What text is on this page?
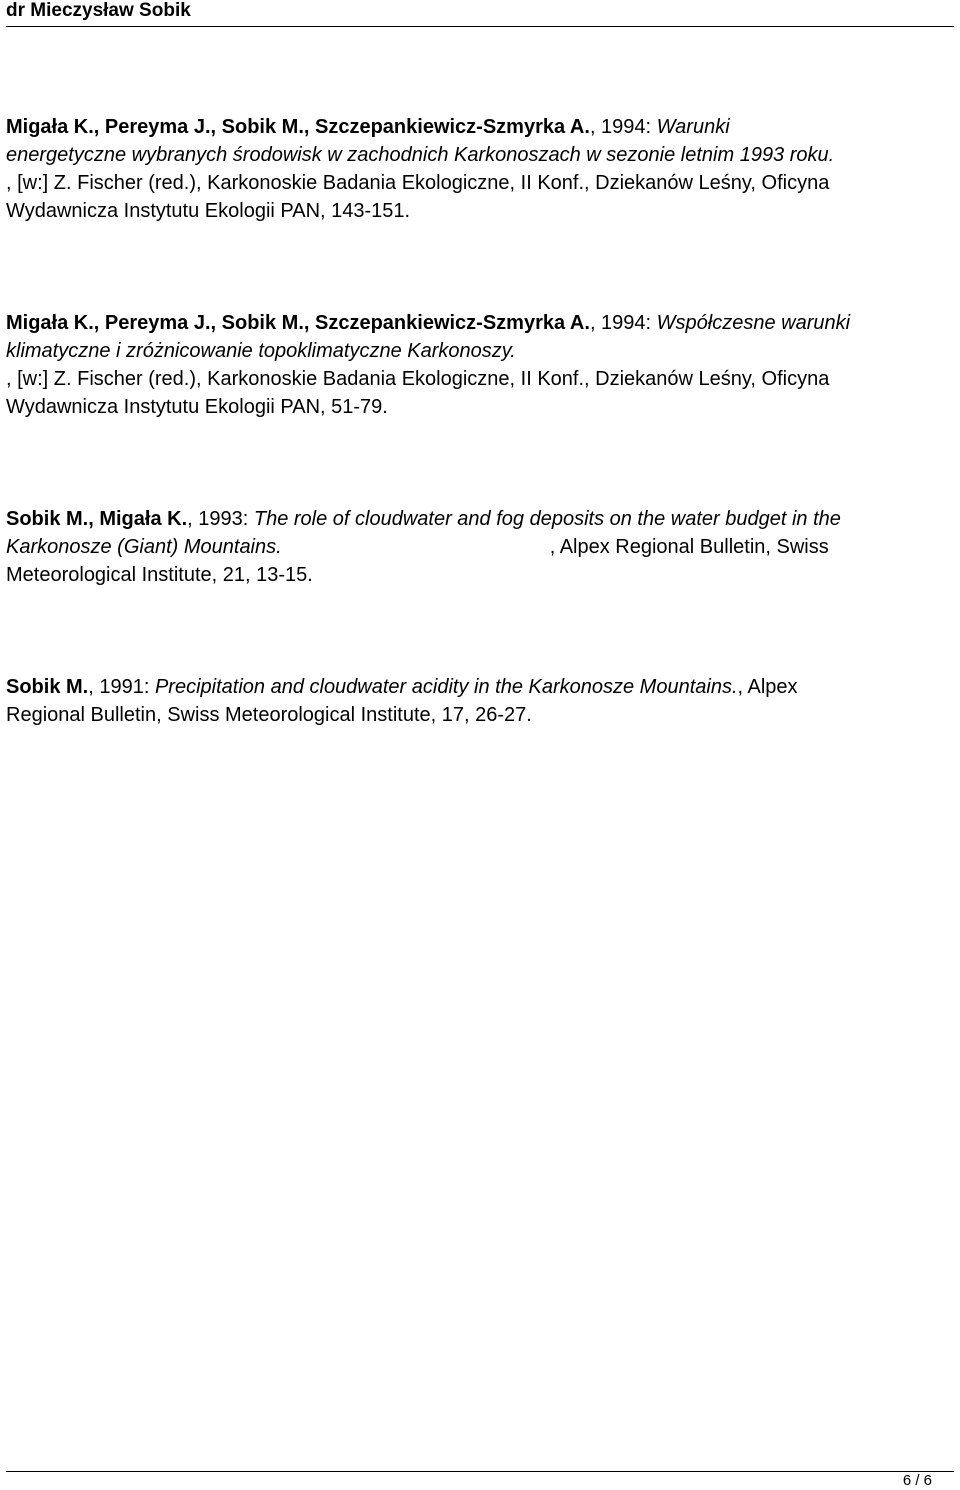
dr Mieczysław Sobik
Migała K., Pereyma J., Sobik M., Szczepankiewicz-Szmyrka A., 1994: Warunki
energetyczne wybranych środowisk w zachodnich Karkonoszach w sezonie letnim 1993 roku.
, [w:] Z. Fischer (red.), Karkonoskie Badania Ekologiczne, II Konf., Dziekanów Leśny, Oficyna
Wydawnicza Instytutu Ekologii PAN, 143-151.
Migała K., Pereyma J., Sobik M., Szczepankiewicz-Szmyrka A., 1994: Współczesne warunki
klimatyczne i zróżnicowanie topoklimatyczne Karkonoszy.
, [w:] Z. Fischer (red.), Karkonoskie Badania Ekologiczne, II Konf., Dziekanów Leśny, Oficyna
Wydawnicza Instytutu Ekologii PAN, 51-79.
Sobik M., Migała K., 1993: The role of cloudwater and fog deposits on the water budget in the
Karkonosze (Giant) Mountains.	, Alpex Regional Bulletin, Swiss
Meteorological Institute, 21, 13-15.
Sobik M., 1991: Precipitation and cloudwater acidity in the Karkonosze Mountains., Alpex
Regional Bulletin, Swiss Meteorological Institute, 17, 26-27.
6 / 6
